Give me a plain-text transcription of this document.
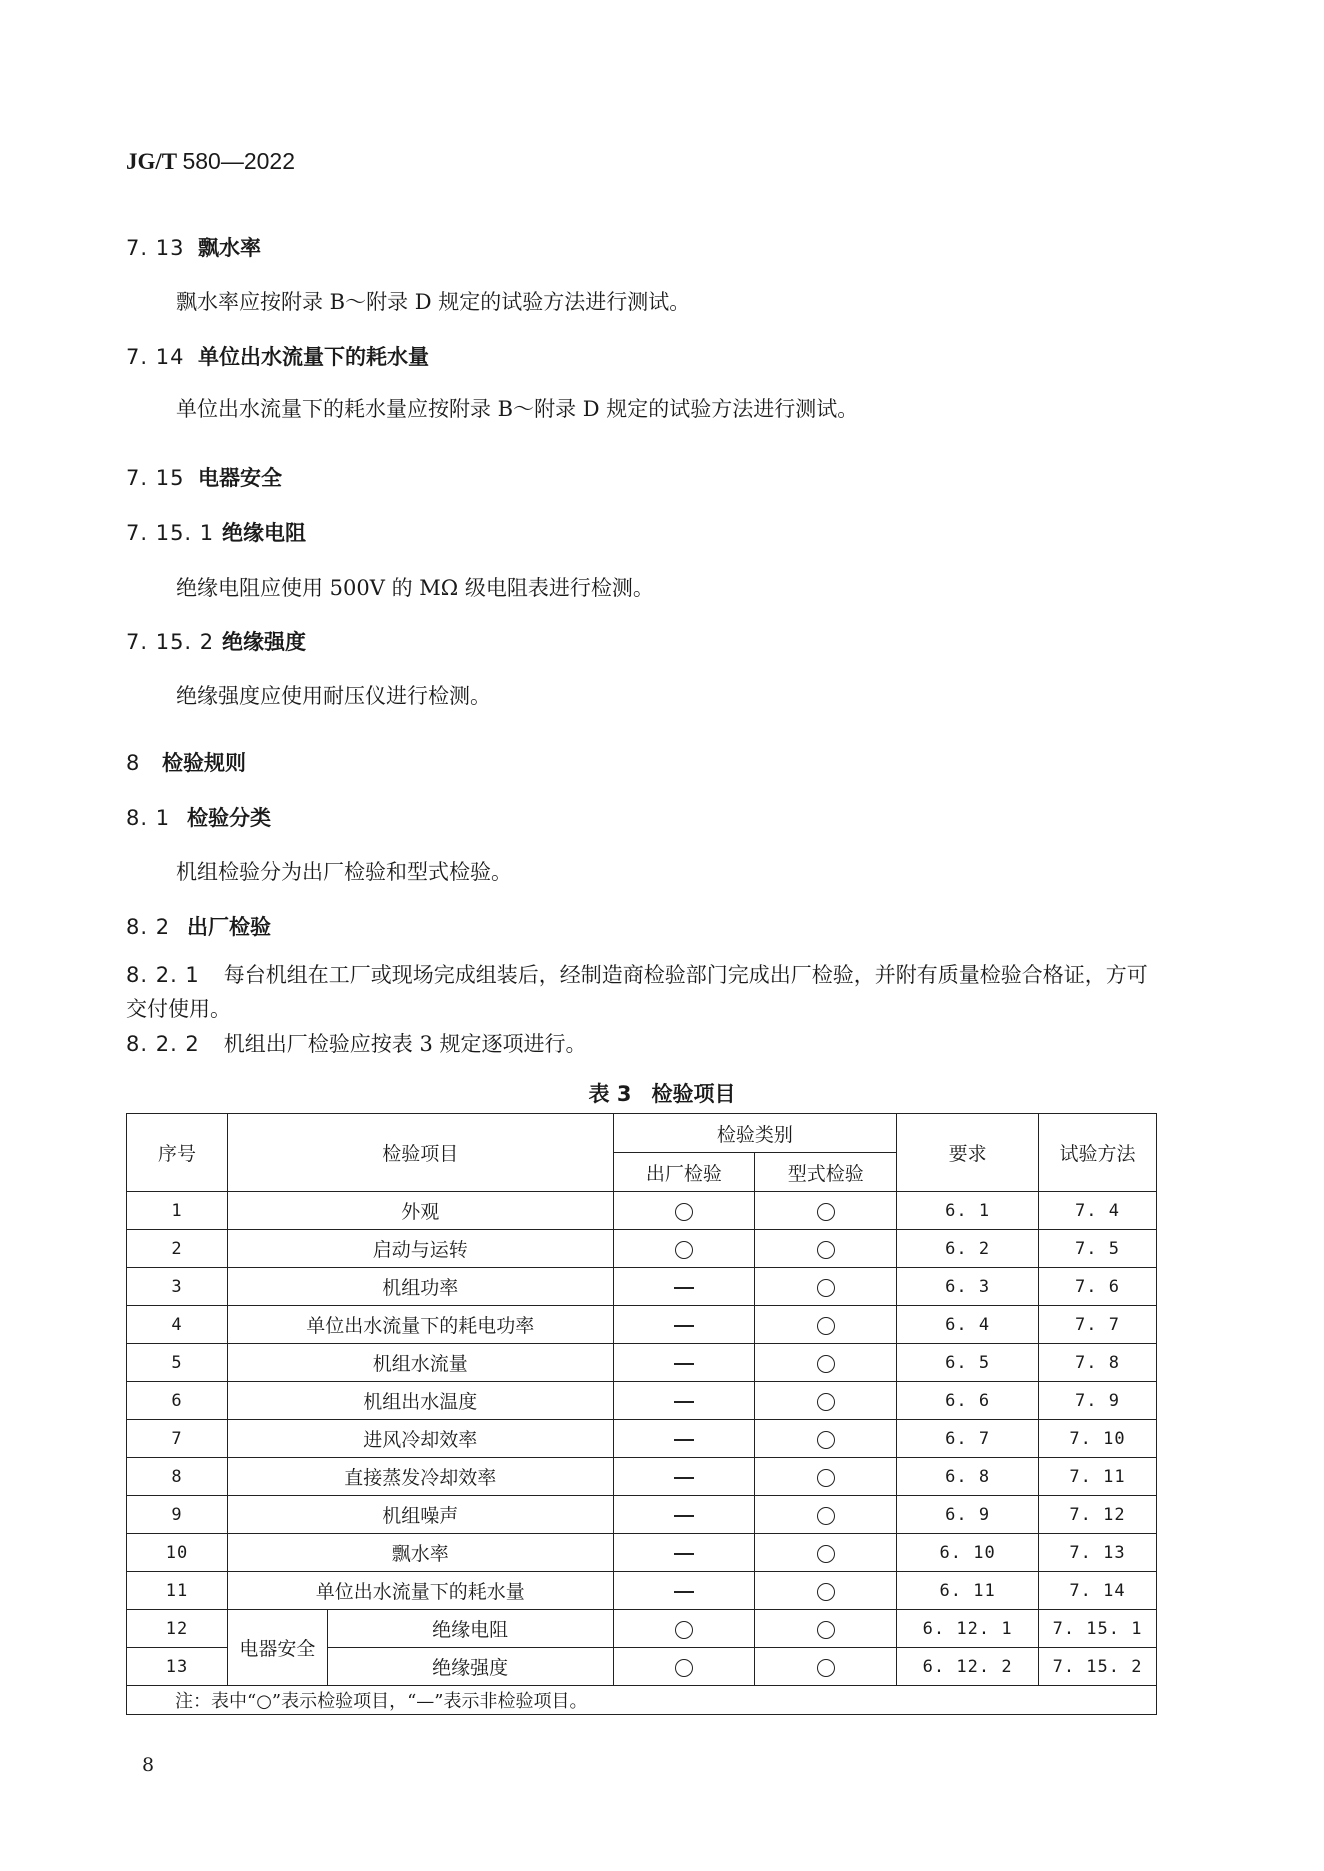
JG/T 580—2022
7. 13 飘水率
飘水率应按附录 B～附录 D 规定的试验方法进行测试。
7. 14 单位出水流量下的耗水量
单位出水流量下的耗水量应按附录 B～附录 D 规定的试验方法进行测试。
7. 15 电器安全
7. 15. 1 绝缘电阻
绝缘电阻应使用 500V 的 MΩ 级电阻表进行检测。
7. 15. 2 绝缘强度
绝缘强度应使用耐压仪进行检测。
8 检验规则
8. 1 检验分类
机组检验分为出厂检验和型式检验。
8. 2 出厂检验
8. 2. 1 每台机组在工厂或现场完成组装后，经制造商检验部门完成出厂检验，并附有质量检验合格证，方可交付使用。
8. 2. 2 机组出厂检验应按表 3 规定逐项进行。
表 3 检验项目
序号	检验项目		检验类别		要求	试验方法
			出厂检验	型式检验		
1	外观				6. 1	7. 4
2	启动与运转				6. 2	7. 5
3	机组功率				6. 3	7. 6
4	单位出水流量下的耗电功率				6. 4	7. 7
5	机组水流量				6. 5	7. 8
6	机组出水温度				6. 6	7. 9
7	进风冷却效率				6. 7	7. 10
8	直接蒸发冷却效率				6. 8	7. 11
9	机组噪声				6. 9	7. 12
10	飘水率				6. 10	7. 13
11	单位出水流量下的耗水量				6. 11	7. 14
12	电器安全	绝缘电阻			6. 12. 1	7. 15. 1
13		绝缘强度			6. 12. 2	7. 15. 2
注：表中“○”表示检验项目，“—”表示非检验项目。						
8
